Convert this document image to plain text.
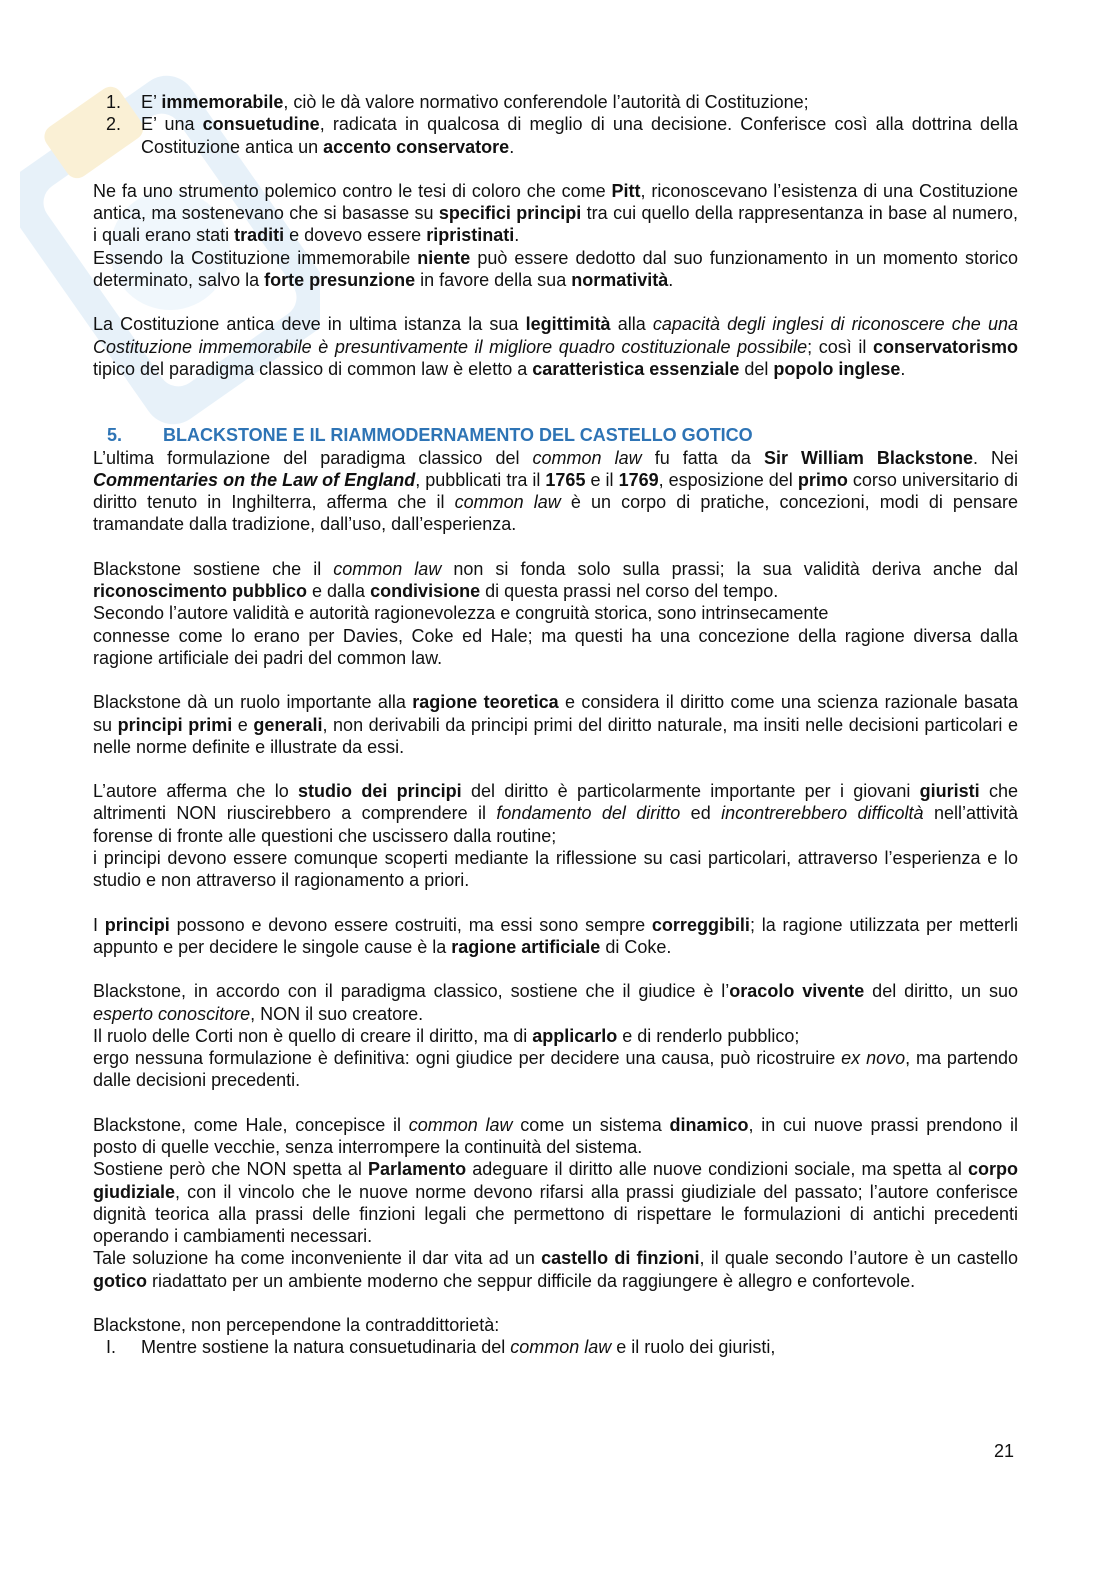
1. E’ immemorabile, ciò le dà valore normativo conferendole l’autorità di Costituzione;
2. E’ una consuetudine, radicata in qualcosa di meglio di una decisione. Conferisce così alla dottrina della Costituzione antica un accento conservatore.

Ne fa uno strumento polemico contro le tesi di coloro che come Pitt, riconoscevano l’esistenza di una Costituzione antica, ma sostenevano che si basasse su specifici principi tra cui quello della rappresentanza in base al numero, i quali erano stati traditi e dovevo essere ripristinati.

Essendo la Costituzione immemorabile niente può essere dedotto dal suo funzionamento in un momento storico determinato, salvo la forte presunzione in favore della sua normatività.

La Costituzione antica deve in ultima istanza la sua legittimità alla capacità degli inglesi di riconoscere che una Costituzione immemorabile è presuntivamente il migliore quadro costituzionale possibile; così il conservatorismo tipico del paradigma classico di common law è eletto a caratteristica essenziale del popolo inglese.

5. BLACKSTONE E IL RIAMMODERNAMENTO DEL CASTELLO GOTICO

L’ultima formulazione del paradigma classico del common law fu fatta da Sir William Blackstone. Nei Commentaries on the Law of England, pubblicati tra il 1765 e il 1769, esposizione del primo corso universitario di diritto tenuto in Inghilterra, afferma che il common law è un corpo di pratiche, concezioni, modi di pensare tramandate dalla tradizione, dall’uso, dall’esperienza.

Blackstone sostiene che il common law non si fonda solo sulla prassi; la sua validità deriva anche dal riconoscimento pubblico e dalla condivisione di questa prassi nel corso del tempo.

Secondo l’autore validità e autorità ragionevolezza e congruità storica, sono intrinsecamente

connesse come lo erano per Davies, Coke ed Hale; ma questi ha una concezione della ragione diversa dalla ragione artificiale dei padri del common law.

Blackstone dà un ruolo importante alla ragione teoretica e considera il diritto come una scienza razionale basata su principi primi e generali, non derivabili da principi primi del diritto naturale, ma insiti nelle decisioni particolari e nelle norme definite e illustrate da essi.

L’autore afferma che lo studio dei principi del diritto è particolarmente importante per i giovani giuristi che altrimenti NON riuscirebbero a comprendere il fondamento del diritto ed incontrerebbero difficoltà nell’attività forense di fronte alle questioni che uscissero dalla routine;

i principi devono essere comunque scoperti mediante la riflessione su casi particolari, attraverso l’esperienza e lo studio e non attraverso il ragionamento a priori.

I principi possono e devono essere costruiti, ma essi sono sempre correggibili; la ragione utilizzata per metterli appunto e per decidere le singole cause è la ragione artificiale di Coke.

Blackstone, in accordo con il paradigma classico, sostiene che il giudice è l’oracolo vivente del diritto, un suo esperto conoscitore, NON il suo creatore.

Il ruolo delle Corti non è quello di creare il diritto, ma di applicarlo e di renderlo pubblico;

ergo nessuna formulazione è definitiva: ogni giudice per decidere una causa, può ricostruire ex novo, ma partendo dalle decisioni precedenti.

Blackstone, come Hale, concepisce il common law come un sistema dinamico, in cui nuove prassi prendono il posto di quelle vecchie, senza interrompere la continuità del sistema.

Sostiene però che NON spetta al Parlamento adeguare il diritto alle nuove condizioni sociale, ma spetta al corpo giudiziale, con il vincolo che le nuove norme devono rifarsi alla prassi giudiziale del passato; l’autore conferisce dignità teorica alla prassi delle finzioni legali che permettono di rispettare le formulazioni di antichi precedenti operando i cambiamenti necessari.

Tale soluzione ha come inconveniente il dar vita ad un castello di finzioni, il quale secondo l’autore è un castello gotico riadattato per un ambiente moderno che seppur difficile da raggiungere è allegro e confortevole.

Blackstone, non percependone la contraddittorietà:

I. Mentre sostiene la natura consuetudinaria del common law e il ruolo dei giuristi,
21
